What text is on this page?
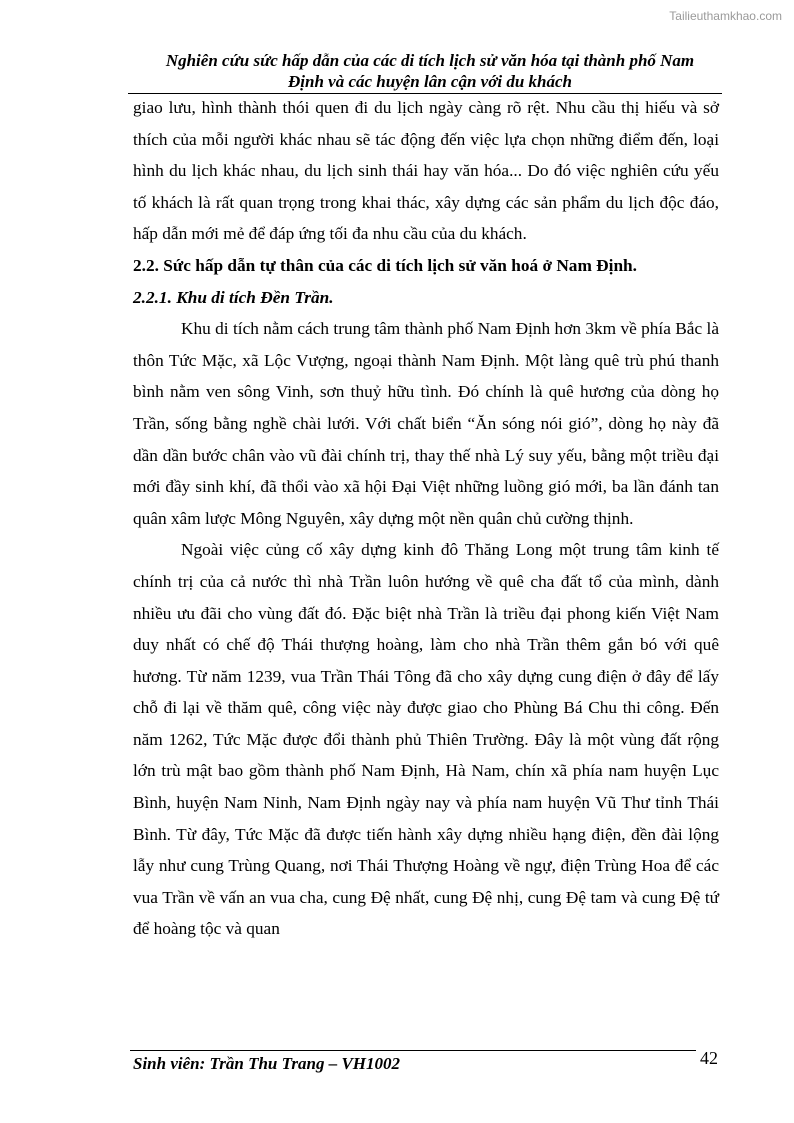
Tailieuthamkhao.com
Nghiên cứu sức hấp dẫn của các di tích lịch sử văn hóa tại thành phố Nam
Định và các huyện lân cận với du khách

giao lưu, hình thành thói quen đi du lịch ngày càng rõ rệt. Nhu cầu thị hiếu và sở thích của mỗi người khác nhau sẽ tác động đến việc lựa chọn những điểm đến, loại hình du lịch khác nhau, du lịch sinh thái hay văn hóa... Do đó việc nghiên cứu yếu tố khách là rất quan trọng trong khai thác, xây dựng các sản phẩm du lịch độc đáo, hấp dẫn mới mẻ để đáp ứng tối đa nhu cầu của du khách.

2.2. Sức hấp dẫn tự thân của các di tích lịch sử văn hoá ở Nam Định.

2.2.1. Khu di tích Đền Trần.

Khu di tích nằm cách trung tâm thành phố Nam Định hơn 3km về phía Bắc là thôn Tức Mặc, xã Lộc Vượng, ngoại thành Nam Định. Một làng quê trù phú thanh bình nằm ven sông Vinh, sơn thuỷ hữu tình. Đó chính là quê hương của dòng họ Trần, sống bằng nghề chài lưới. Với chất biển “Ăn sóng nói gió”, dòng họ này đã dần dần bước chân vào vũ đài chính trị, thay thế nhà Lý suy yếu, bằng một triều đại mới đầy sinh khí, đã thổi vào xã hội Đại Việt những luồng gió mới, ba lần đánh tan quân xâm lược Mông Nguyên, xây dựng một nền quân chủ cường thịnh.

Ngoài việc củng cố xây dựng kinh đô Thăng Long một trung tâm kinh tế chính trị của cả nước thì nhà Trần luôn hướng về quê cha đất tổ của mình, dành nhiều ưu đãi cho vùng đất đó. Đặc biệt nhà Trần là triều đại phong kiến Việt Nam duy nhất có chế độ Thái thượng hoàng, làm cho nhà Trần thêm gắn bó với quê hương. Từ năm 1239, vua Trần Thái Tông đã cho xây dựng cung điện ở đây để lấy chỗ đi lại về thăm quê, công việc này được giao cho Phùng Bá Chu thi công. Đến năm 1262, Tức Mặc được đổi thành phủ Thiên Trường. Đây là một vùng đất rộng lớn trù mật bao gồm thành phố Nam Định, Hà Nam, chín xã phía nam huyện Lục Bình, huyện Nam Ninh, Nam Định ngày nay và phía nam huyện Vũ Thư tỉnh Thái Bình. Từ đây, Tức Mặc đã được tiến hành xây dựng nhiều hạng điện, đền đài lộng lẫy như cung Trùng Quang, nơi Thái Thượng Hoàng về ngự, điện Trùng Hoa để các vua Trần về vấn an vua cha, cung Đệ nhất, cung Đệ nhị, cung Đệ tam và cung Đệ tứ để hoàng tộc và quan

Sinh viên: Trần Thu Trang – VH1002	42
